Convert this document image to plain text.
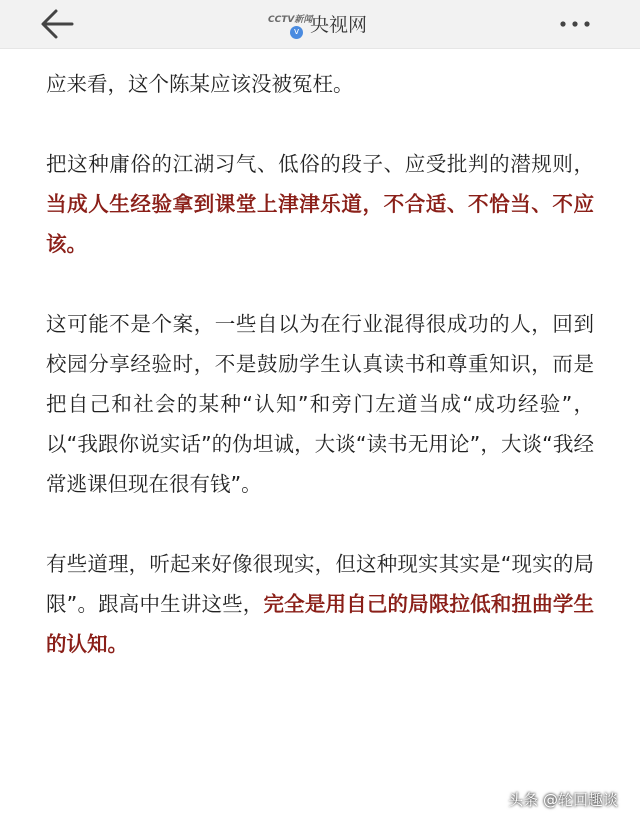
CCTV新闻
v 央视网

应来看，这个陈某应该没被冤枉。

把这种庸俗的江湖习气、低俗的段子、应受批判的潜规则，当成人生经验拿到课堂上津津乐道，不合适、不恰当、不应该。

这可能不是个案，一些自以为在行业混得很成功的人，回到校园分享经验时，不是鼓励学生认真读书和尊重知识，而是把自己和社会的某种“认知”和旁门左道当成“成功经验”，以“我跟你说实话”的伪坦诚，大谈“读书无用论”，大谈“我经常逃课但现在很有钱”。

有些道理，听起来好像很现实，但这种现实其实是“现实的局限”。跟高中生讲这些，完全是用自己的局限拉低和扭曲学生的认知。

头条 @轮回趣谈
